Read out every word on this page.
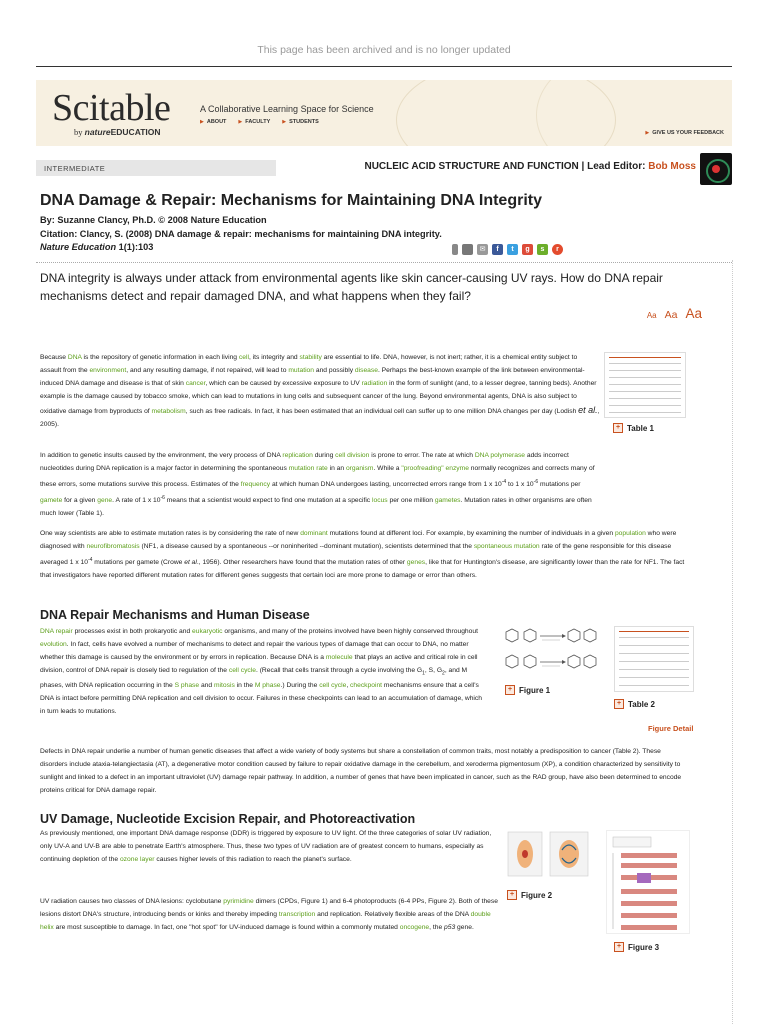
This page has been archived and is no longer updated
Scitable
by natureEDUCATION
A Collaborative Learning Space for Science
▶ ABOUT	▶ FACULTY	▶ STUDENTS
▶ GIVE US YOUR FEEDBACK
INTERMEDIATE	NUCLEIC ACID STRUCTURE AND FUNCTION | Lead Editor: Bob Moss
DNA Damage & Repair: Mechanisms for Maintaining DNA Integrity
By: Suzanne Clancy, Ph.D. © 2008 Nature Education
Citation: Clancy, S. (2008) DNA damage & repair: mechanisms for maintaining DNA integrity. Nature Education 1(1):103	✉	f	t	g	s	r
DNA integrity is always under attack from environmental agents like skin cancer-causing UV rays. How do DNA repair mechanisms detect and repair damaged DNA, and what happens when they fail?
Aa Aa Aa
Because DNA is the repository of genetic information in each living cell, its integrity and stability are essential to life. DNA, however, is not inert; rather, it is a chemical entity subject to assault from the environment, and any resulting damage, if not repaired, will lead to mutation and possibly disease. Perhaps the best-known example of the link between environmental-induced DNA damage and disease is that of skin cancer, which can be caused by excessive exposure to UV radiation in the form of sunlight (and, to a lesser degree, tanning beds). Another example is the damage caused by tobacco smoke, which can lead to mutations in lung cells and subsequent cancer of the lung. Beyond environmental agents, DNA is also subject to oxidative damage from byproducts of metabolism, such as free radicals. In fact, it has been estimated that an individual cell can suffer up to one million DNA changes per day (Lodish et al., 2005).	+ Table 1
In addition to genetic insults caused by the environment, the very process of DNA replication during cell division is prone to error. The rate at which DNA polymerase adds incorrect nucleotides during DNA replication is a major factor in determining the spontaneous mutation rate in an organism. While a "proofreading" enzyme normally recognizes and corrects many of these errors, some mutations survive this process. Estimates of the frequency at which human DNA undergoes lasting, uncorrected errors range from 1 x $10^{-4}$ to 1 x $10^{-6}$ mutations per gamete for a given gene. A rate of 1 x $10^{-6}$ means that a scientist would expect to find one mutation at a specific locus per one million gametes. Mutation rates in other organisms are often much lower (Table 1).
One way scientists are able to estimate mutation rates is by considering the rate of new dominant mutations found at different loci. For example, by examining the number of individuals in a given population who were diagnosed with neurofibromatosis (NF1, a disease caused by a spontaneous --or noninherited --dominant mutation), scientists determined that the spontaneous mutation rate of the gene responsible for this disease averaged 1 x $10^{-4}$ mutations per gamete (Crowe et al., 1956). Other researchers have found that the mutation rates of other genes, like that for Huntington's disease, are significantly lower than the rate for NF1. The fact that investigators have reported different mutation rates for different genes suggests that certain loci are more prone to damage or error than others.
DNA Repair Mechanisms and Human Disease
DNA repair processes exist in both prokaryotic and eukaryotic organisms, and many of the proteins involved have been highly conserved throughout evolution. In fact, cells have evolved a number of mechanisms to detect and repair the various types of damage that can occur to DNA, no matter whether this damage is caused by the environment or by errors in replication. Because DNA is a molecule that plays an active and critical role in cell division, control of DNA repair is closely tied to regulation of the cell cycle. (Recall that cells transit through a cycle involving the $G_1$, S, $G_2$, and M phases, with DNA replication occurring in the S phase and mitosis in the M phase.) During the cell cycle, checkpoint mechanisms ensure that a cell's DNA is intact before permitting DNA replication and cell division to occur. Failures in these checkpoints can lead to an accumulation of damage, which in turn leads to mutations.
+ Figure 1
+ Table 2
Figure Detail
Defects in DNA repair underlie a number of human genetic diseases that affect a wide variety of body systems but share a constellation of common traits, most notably a predisposition to cancer (Table 2). These disorders include ataxia-telangiectasia (AT), a degenerative motor condition caused by failure to repair oxidative damage in the cerebellum, and xeroderma pigmentosum (XP), a condition characterized by sensitivity to sunlight and linked to a defect in an important ultraviolet (UV) damage repair pathway. In addition, a number of genes that have been implicated in cancer, such as the RAD group, have also been determined to encode proteins critical for DNA damage repair.
UV Damage, Nucleotide Excision Repair, and Photoreactivation
As previously mentioned, one important DNA damage response (DDR) is triggered by exposure to UV light. Of the three categories of solar UV radiation, only UV-A and UV-B are able to penetrate Earth's atmosphere. Thus, these two types of UV radiation are of greatest concern to humans, especially as continuing depletion of the ozone layer causes higher levels of this radiation to reach the planet's surface.
UV radiation causes two classes of DNA lesions: cyclobutane pyrimidine dimers (CPDs, Figure 1) and 6-4 photoproducts (6-4 PPs, Figure 2). Both of these lesions distort DNA's structure, introducing bends or kinks and thereby impeding transcription and replication. Relatively flexible areas of the DNA double helix are most susceptible to damage. In fact, one "hot spot" for UV-induced damage is found within a commonly mutated oncogene, the p53 gene.
+ Figure 2
+ Figure 3
